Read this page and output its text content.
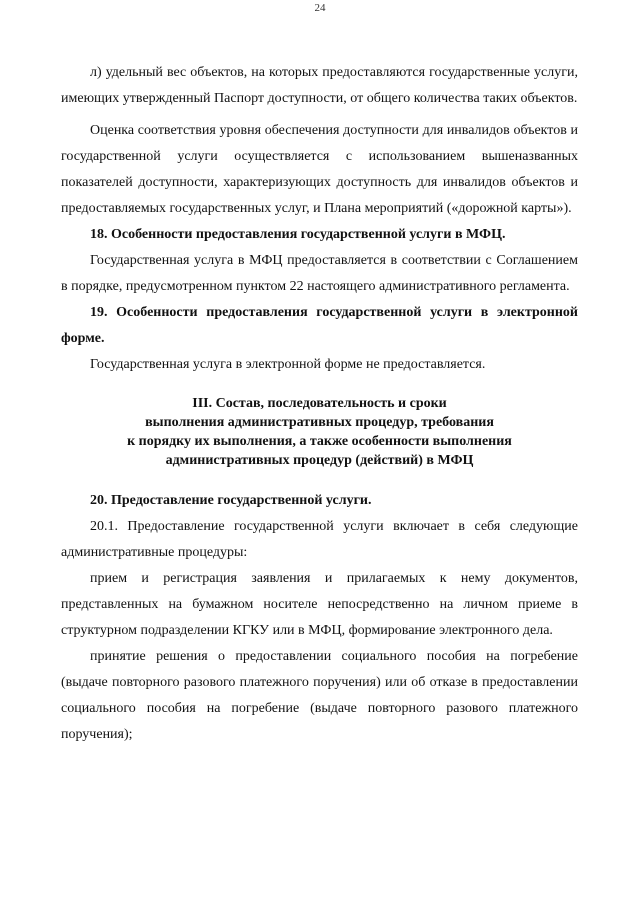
24

л) удельный вес объектов, на которых предоставляются государственные услуги, имеющих утвержденный Паспорт доступности, от общего количества таких объектов.

Оценка соответствия уровня обеспечения доступности для инвалидов объектов и государственной услуги осуществляется с использованием вышеназванных показателей доступности, характеризующих доступность для инвалидов объектов и предоставляемых государственных услуг, и Плана мероприятий («дорожной карты»).

18. Особенности предоставления государственной услуги в МФЦ.

Государственная услуга в МФЦ предоставляется в соответствии с Соглашением в порядке, предусмотренном пунктом 22 настоящего административного регламента.

19. Особенности предоставления государственной услуги в электронной форме.

Государственная услуга в электронной форме не предоставляется.

III. Состав, последовательность и сроки
выполнения административных процедур, требования
к порядку их выполнения, а также особенности выполнения
административных процедур (действий) в МФЦ

20. Предоставление государственной услуги.

20.1. Предоставление государственной услуги включает в себя следующие административные процедуры:

прием и регистрация заявления и прилагаемых к нему документов, представленных на бумажном носителе непосредственно на личном приеме в структурном подразделении КГКУ или в МФЦ, формирование электронного дела.

принятие решения о предоставлении социального пособия на погребение (выдаче повторного разового платежного поручения) или об отказе в предоставлении социального пособия на погребение (выдаче повторного разового платежного поручения);
